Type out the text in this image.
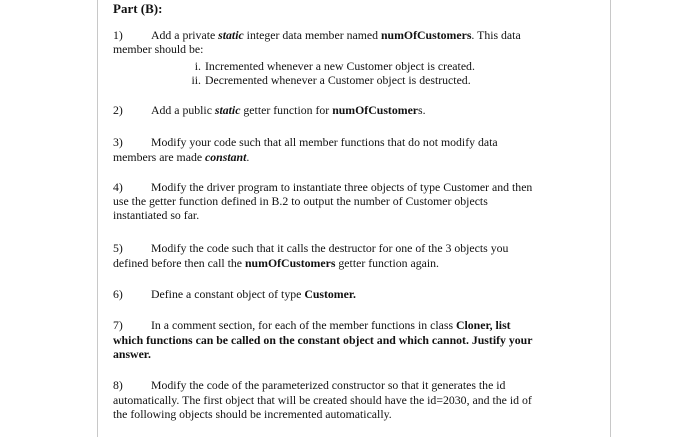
Part (B):
1) Add a private static integer data member named numOfCustomers. This data
member should be:
i. Incremented whenever a new Customer object is created.
ii. Decremented whenever a Customer object is destructed.
2) Add a public static getter function for numOfCustomers.
3) Modify your code such that all member functions that do not modify data
members are made constant.
4) Modify the driver program to instantiate three objects of type Customer and then
use the getter function defined in B.2 to output the number of Customer objects
instantiated so far.
5) Modify the code such that it calls the destructor for one of the 3 objects you
defined before then call the numOfCustomers getter function again.
6) Define a constant object of type Customer.
7) In a comment section, for each of the member functions in class Cloner, list
which functions can be called on the constant object and which cannot. Justify your
answer.
8) Modify the code of the parameterized constructor so that it generates the id
automatically. The first object that will be created should have the id=2030, and the id of
the following objects should be incremented automatically.
